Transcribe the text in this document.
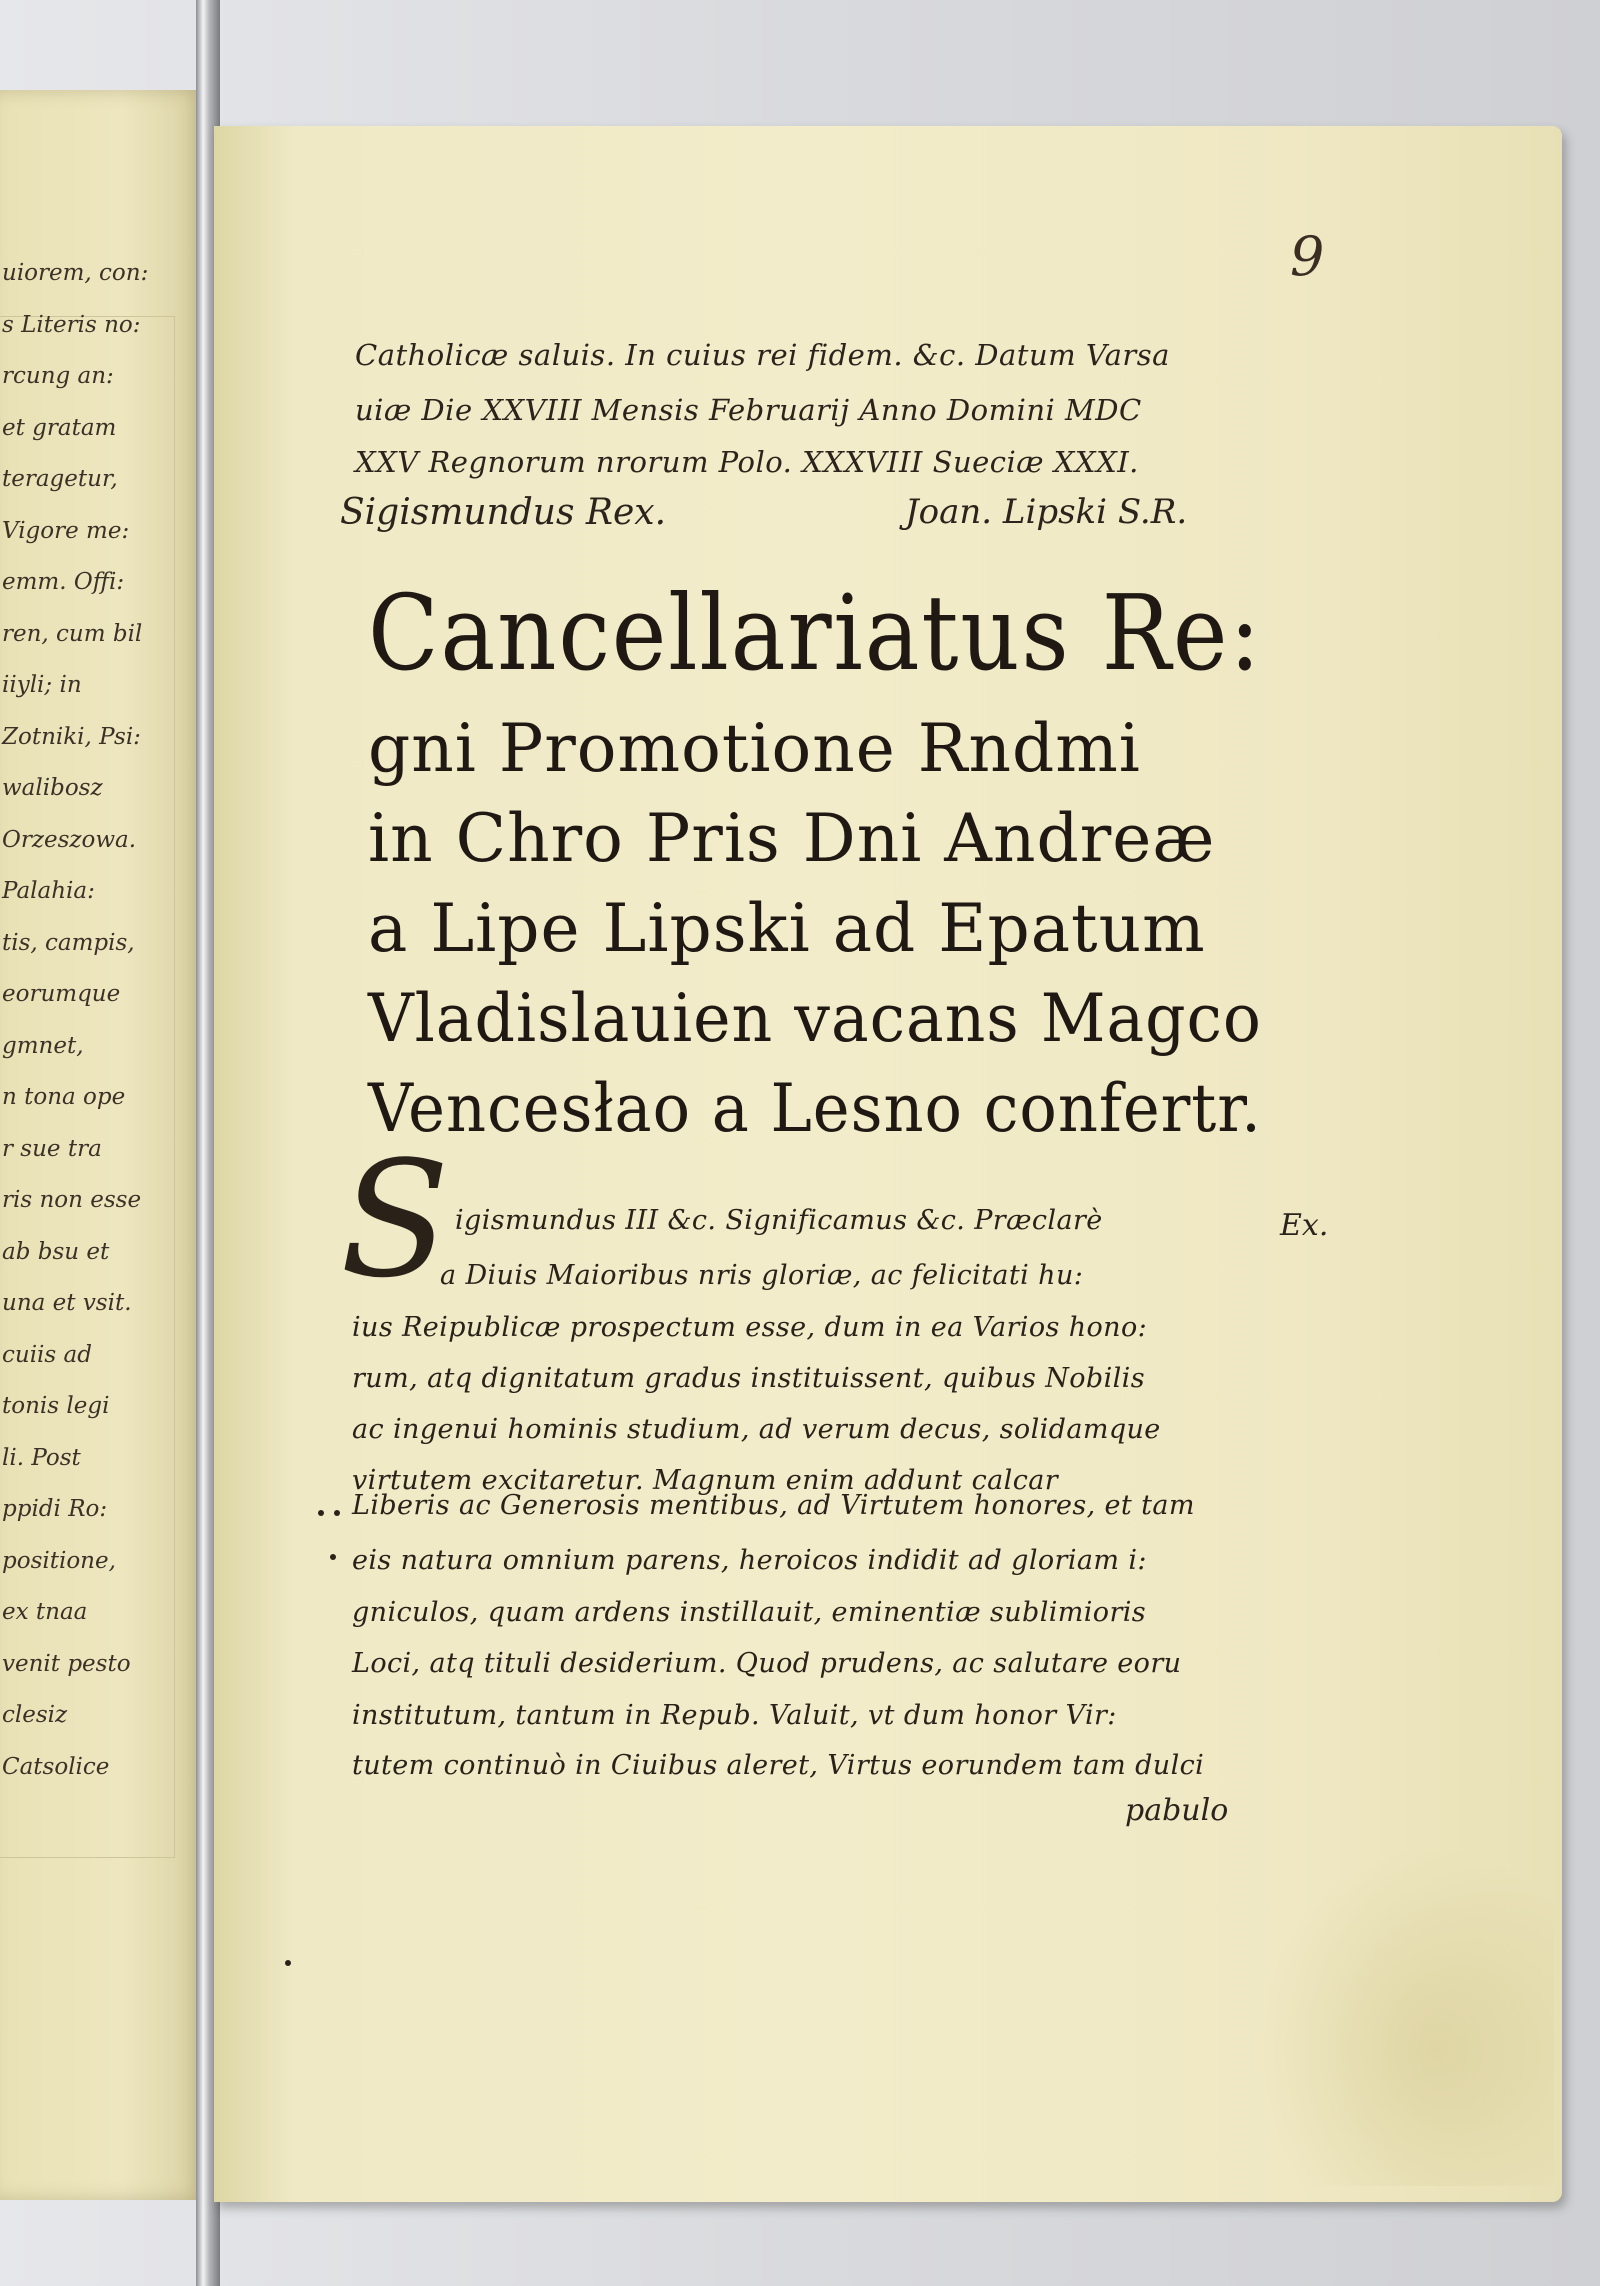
uiorem, con:
s Literis no:
rcung an:
et gratam
teragetur,
Vigore me:
emm. Offi:
ren, cum bil
iiyli; in
Zotniki, Psi:
walibosz
Orzeszowa.
Palahia:
tis, campis,
eorumque
gmnet,
n tona ope
r sue tra
ris non esse
ab bsu et
una et vsit.
cuiis ad
tonis legi
li. Post
ppidi Ro:
positione,
ex tnaa
venit pesto
clesiz
Catsolice
9
Catholicæ saluis. In cuius rei fidem. &c. Datum Varsa
uiæ Die XXVIII Mensis Februarij Anno Domini MDC
XXV Regnorum nrorum Polo. XXXVIII Sueciæ XXXI.
Sigismundus Rex.	Joan. Lipski S.R.
Cancellariatus Re:
gni Promotione Rndmi
in Chro Pris Dni Andreæ
a Lipe Lipski ad Epatum
Vladislauien vacans Magco
Vencesłao a Lesno confertr.
S	Ex.
igismundus III &c. Significamus &c. Præclarè
a Diuis Maioribus nris gloriæ, ac felicitati hu:
ius Reipublicæ prospectum esse, dum in ea Varios hono:
rum, atq dignitatum gradus instituissent, quibus Nobilis
ac ingenui hominis studium, ad verum decus, solidamque
virtutem excitaretur. Magnum enim addunt calcar
Liberis ac Generosis mentibus, ad Virtutem honores, et tam
eis natura omnium parens, heroicos indidit ad gloriam i:
gniculos, quam ardens instillauit, eminentiæ sublimioris
Loci, atq tituli desiderium. Quod prudens, ac salutare eoru
institutum, tantum in Repub. Valuit, vt dum honor Vir:
tutem continuò in Ciuibus aleret, Virtus eorundem tam dulci
pabulo
